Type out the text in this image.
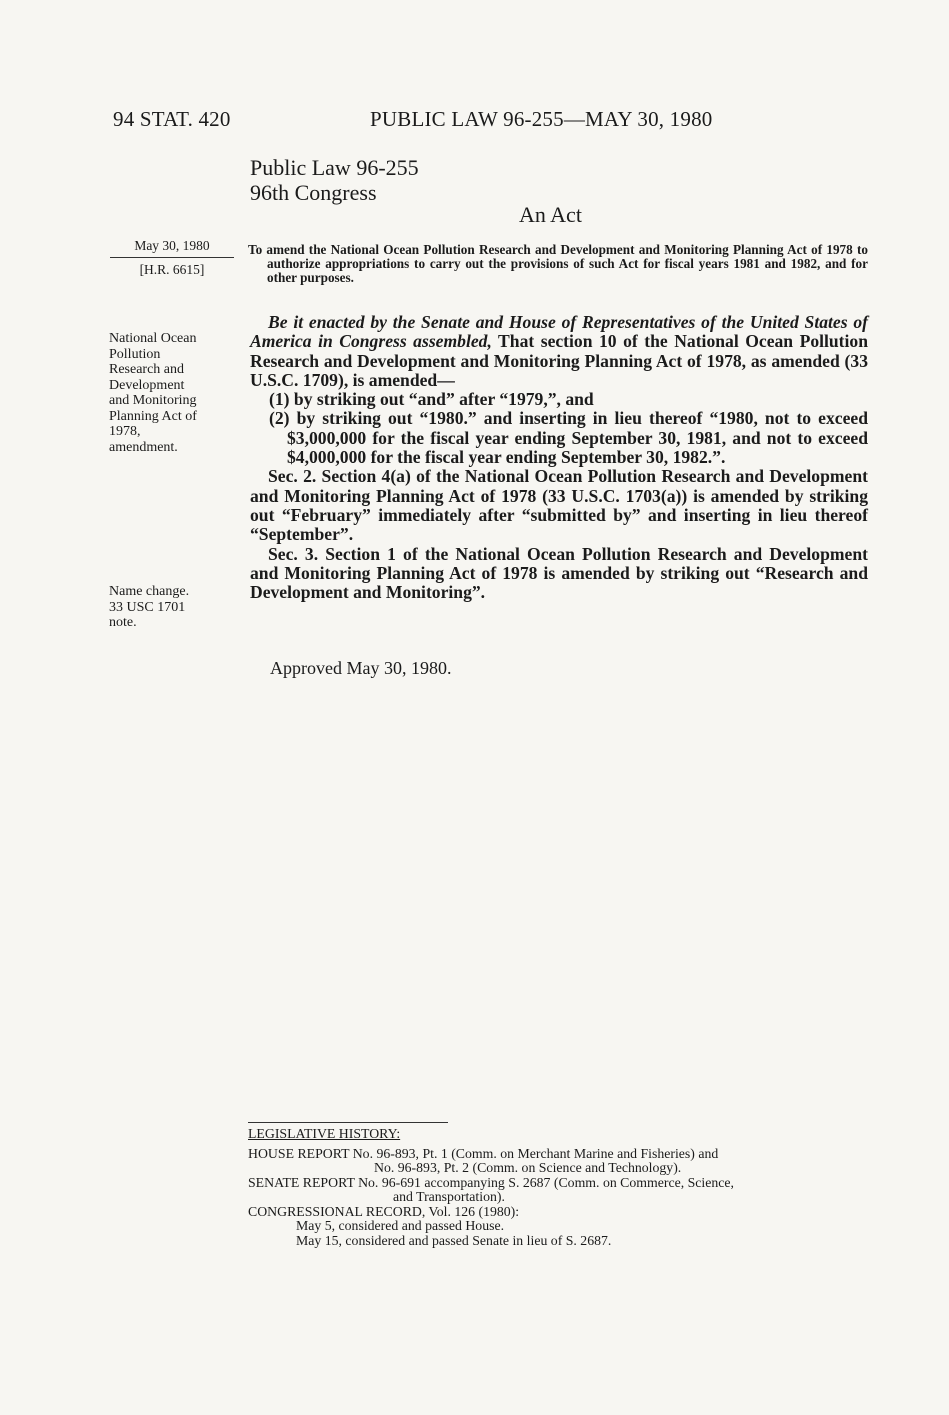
94 STAT. 420	PUBLIC LAW 96-255—MAY 30, 1980
Public Law 96-255
96th Congress
An Act
May 30, 1980
[H.R. 6615]
To amend the National Ocean Pollution Research and Development and Monitoring Planning Act of 1978 to authorize appropriations to carry out the provisions of such Act for fiscal years 1981 and 1982, and for other purposes.
National Ocean
Pollution
Research and
Development
and Monitoring
Planning Act of
1978,
amendment.
Name change.
33 USC 1701
note.

Be it enacted by the Senate and House of Representatives of the United States of America in Congress assembled, That section 10 of the National Ocean Pollution Research and Development and Monitoring Planning Act of 1978, as amended (33 U.S.C. 1709), is amended—

(1) by striking out “and” after “1979,”, and

(2) by striking out “1980.” and inserting in lieu thereof “1980, not to exceed $3,000,000 for the fiscal year ending September 30, 1981, and not to exceed $4,000,000 for the fiscal year ending September 30, 1982.”.

Sec. 2. Section 4(a) of the National Ocean Pollution Research and Development and Monitoring Planning Act of 1978 (33 U.S.C. 1703(a)) is amended by striking out “February” immediately after “submitted by” and inserting in lieu thereof “September”.

Sec. 3. Section 1 of the National Ocean Pollution Research and Development and Monitoring Planning Act of 1978 is amended by striking out “Research and Development and Monitoring”.

Approved May 30, 1980.
LEGISLATIVE HISTORY:
HOUSE REPORT No. 96-893, Pt. 1 (Comm. on Merchant Marine and Fisheries) and
No. 96-893, Pt. 2 (Comm. on Science and Technology).
SENATE REPORT No. 96-691 accompanying S. 2687 (Comm. on Commerce, Science,
and Transportation).
CONGRESSIONAL RECORD, Vol. 126 (1980):
May 5, considered and passed House.
May 15, considered and passed Senate in lieu of S. 2687.
